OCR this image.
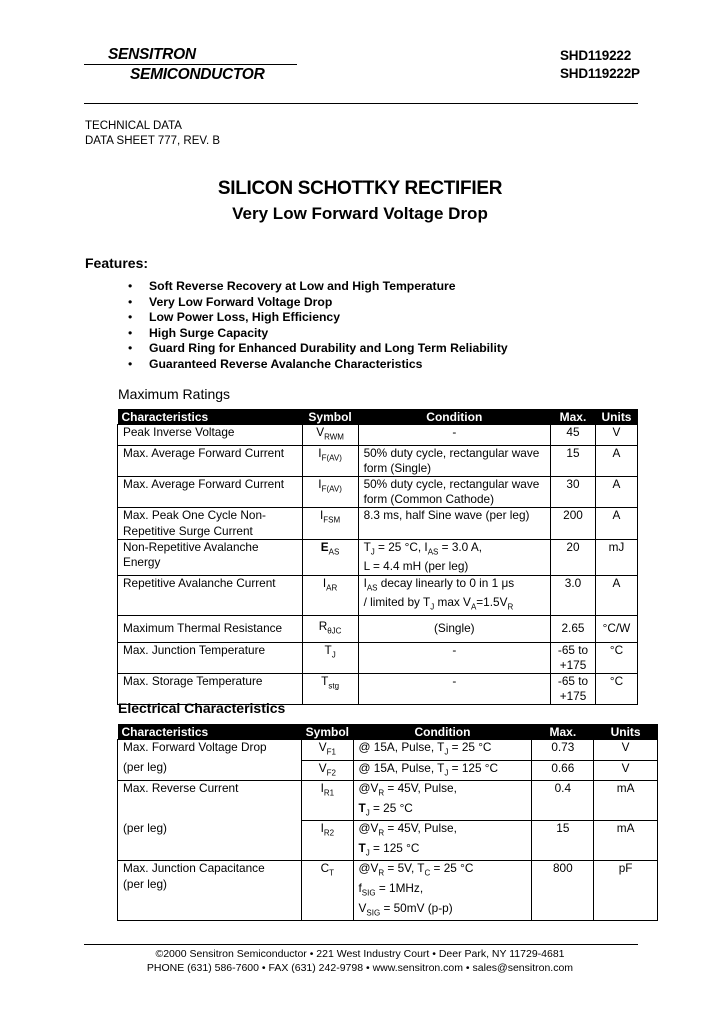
SENSITRON
SEMICONDUCTOR
SHD119222
SHD119222P
TECHNICAL DATA
DATA SHEET 777, REV. B
SILICON SCHOTTKY RECTIFIER
Very Low Forward Voltage Drop
Features:
• Soft Reverse Recovery at Low and High Temperature
• Very Low Forward Voltage Drop
• Low Power Loss, High Efficiency
• High Surge Capacity
• Guard Ring for Enhanced Durability and Long Term Reliability
• Guaranteed Reverse Avalanche Characteristics
Maximum Ratings
Characteristics	Symbol	Condition	Max.	Units
Peak Inverse Voltage	$V_{RWM}$	-	45	V
Max. Average Forward Current	$I_{F(AV)}$	50% duty cycle, rectangular wave form (Single)	15	A
Max. Average Forward Current	$I_{F(AV)}$	50% duty cycle, rectangular wave form (Common Cathode)	30	A
Max. Peak One Cycle Non-Repetitive Surge Current	$I_{FSM}$	8.3 ms, half Sine wave (per leg)	200	A
Non-Repetitive Avalanche Energy	$E_{AS}$	$T_J = 25$ °C, $I_{AS} = 3.0$ A,
L = 4.4 mH (per leg)	20	mJ
Repetitive Avalanche Current	$I_{AR}$	$I_{AS}$ decay linearly to 0 in 1 μs
/ limited by $T_J$ $\max V_A=1.5V_R$	3.0	A
Maximum Thermal Resistance	$R_{\theta JC}$	(Single)	2.65	°C/W
Max. Junction Temperature	$T_J$	-	-65 to +175	°C
Max. Storage Temperature	$T_{stg}$	-	-65 to +175	°C
Electrical Characteristics
Characteristics	Symbol	Condition	Max.	Units
Max. Forward Voltage Drop	$V_{F1}$	@ 15A, Pulse, $T_J = 25$ °C	0.73	V
(per leg)	$V_{F2}$	@ 15A, Pulse, $T_J = 125$ °C	0.66	V
Max. Reverse Current	$I_{R1}$	$@V_R = 45V$, Pulse,
$T_J = 25$ °C	0.4	mA
(per leg)	$I_{R2}$	$@V_R = 45V$, Pulse,
$T_J = 125$ °C	15	mA
Max. Junction Capacitance
(per leg)	$C_T$	$@V_R = 5V$, $T_C = 25$ °C
$f_{SIG} = 1MHz$,
$V_{SIG} = 50mV$ (p-p)	800	pF
©2000 Sensitron Semiconductor • 221 West Industry Court • Deer Park, NY 11729-4681
PHONE (631) 586-7600 • FAX (631) 242-9798 • www.sensitron.com • sales@sensitron.com
